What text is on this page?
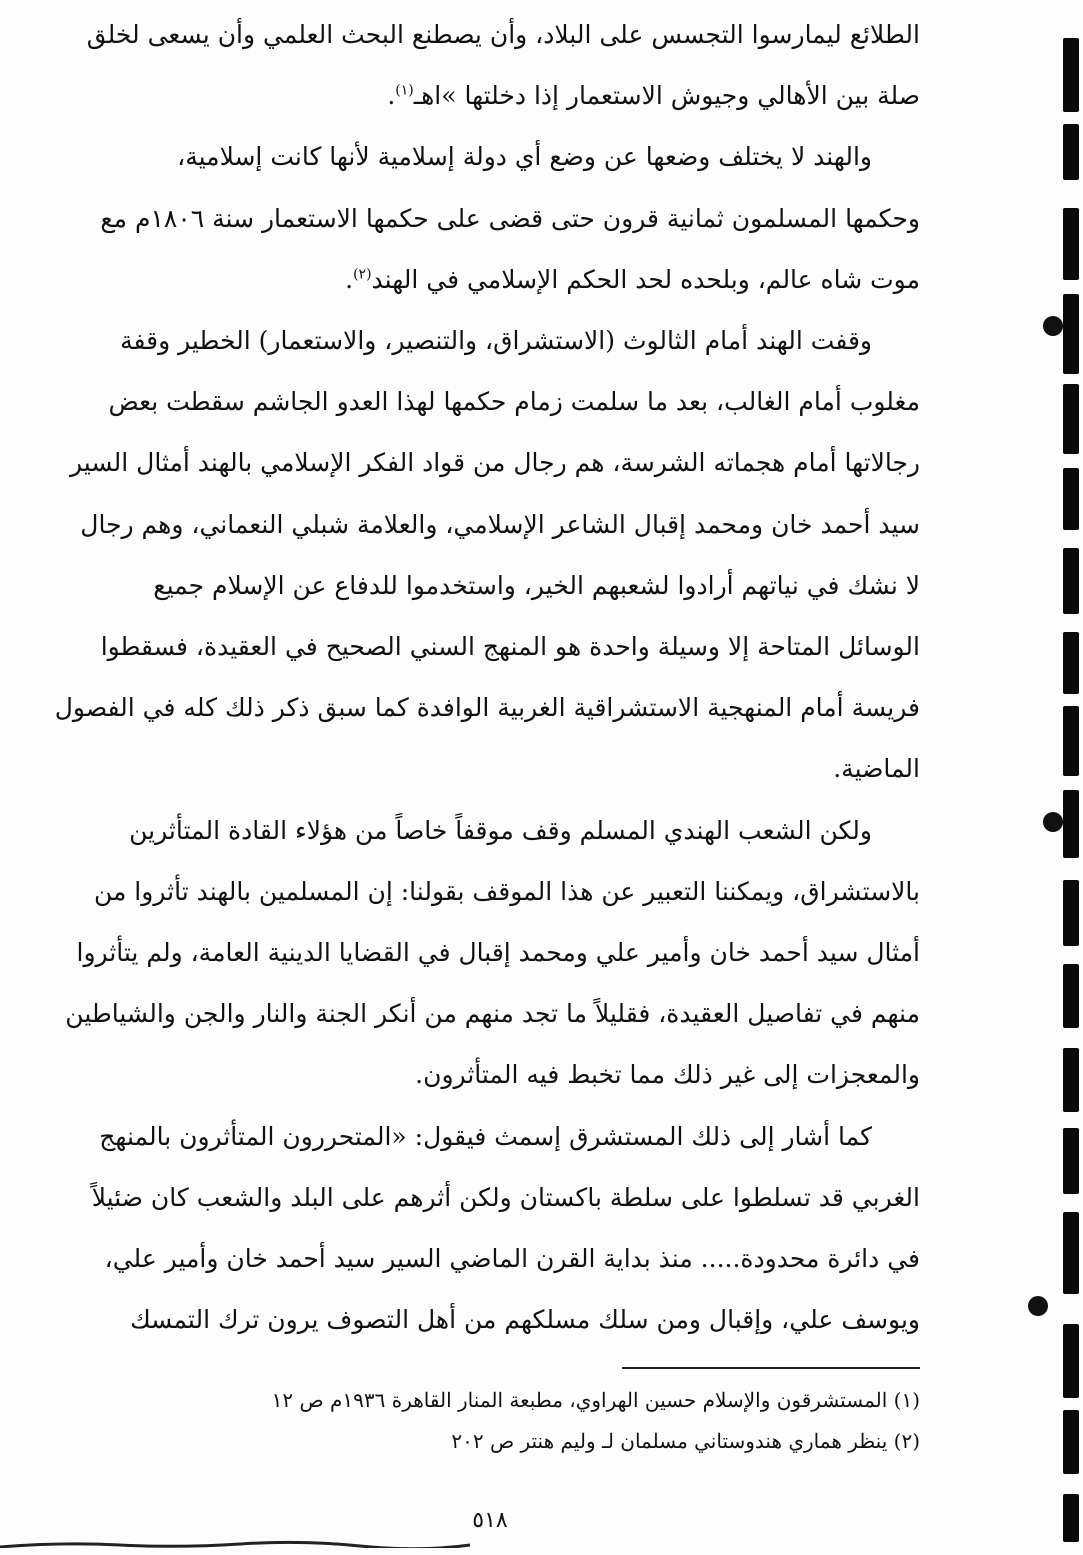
الطلائع ليمارسوا التجسس على البلاد، وأن يصطنع البحث العلمي وأن يسعى لخلق
صلة بين الأهالي وجيوش الاستعمار إذا دخلتها »اهـ$^{(١)}$.
والهند لا يختلف وضعها عن وضع أي دولة إسلامية لأنها كانت إسلامية،
وحكمها المسلمون ثمانية قرون حتى قضى على حكمها الاستعمار سنة ١٨٠٦م مع
موت شاه عالم، وبلحده لحد الحكم الإسلامي في الهند$^{(٢)}$.
وقفت الهند أمام الثالوث (الاستشراق، والتنصير، والاستعمار) الخطير وقفة
مغلوب أمام الغالب، بعد ما سلمت زمام حكمها لهذا العدو الجاشم سقطت بعض
رجالاتها أمام هجماته الشرسة، هم رجال من قواد الفكر الإسلامي بالهند أمثال السير
سيد أحمد خان ومحمد إقبال الشاعر الإسلامي، والعلامة شبلي النعماني، وهم رجال
لا نشك في نياتهم أرادوا لشعبهم الخير، واستخدموا للدفاع عن الإسلام جميع
الوسائل المتاحة إلا وسيلة واحدة هو المنهج السني الصحيح في العقيدة، فسقطوا
فريسة أمام المنهجية الاستشراقية الغربية الوافدة كما سبق ذكر ذلك كله في الفصول
الماضية.
ولكن الشعب الهندي المسلم وقف موقفاً خاصاً من هؤلاء القادة المتأثرين
بالاستشراق، ويمكننا التعبير عن هذا الموقف بقولنا: إن المسلمين بالهند تأثروا من
أمثال سيد أحمد خان وأمير علي ومحمد إقبال في القضايا الدينية العامة، ولم يتأثروا
منهم في تفاصيل العقيدة، فقليلاً ما تجد منهم من أنكر الجنة والنار والجن والشياطين
والمعجزات إلى غير ذلك مما تخبط فيه المتأثرون.
كما أشار إلى ذلك المستشرق إسمث فيقول: «المتحررون المتأثرون بالمنهج
الغربي قد تسلطوا على سلطة باكستان ولكن أثرهم على البلد والشعب كان ضئيلاً
في دائرة محدودة..... منذ بداية القرن الماضي السير سيد أحمد خان وأمير علي،
ويوسف علي، وإقبال ومن سلك مسلكهم من أهل التصوف يرون ترك التمسك
(١) المستشرقون والإسلام حسين الهراوي، مطبعة المنار القاهرة ١٩٣٦م ص ١٢
(٢) ينظر هماري هندوستاني مسلمان لـ وليم هنتر ص ٢٠٢
٥١٨
